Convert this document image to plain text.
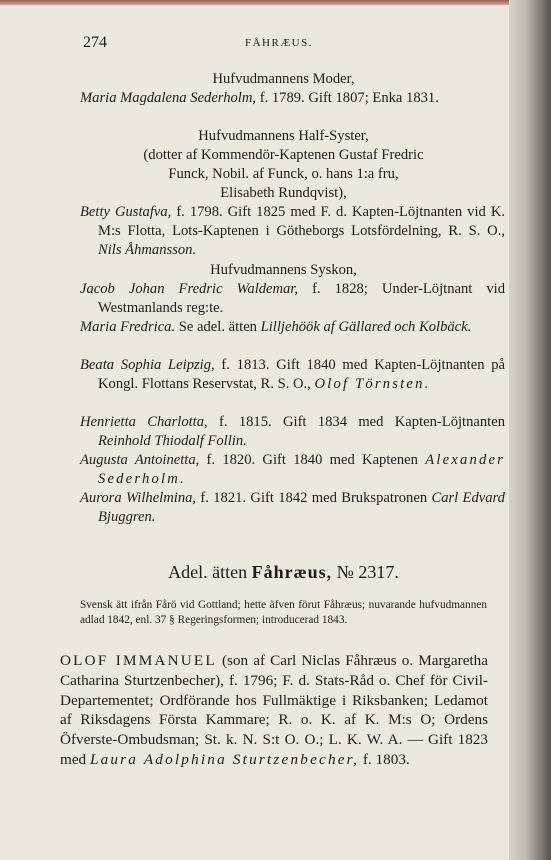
274	FÅHRÆUS.
Hufvudmannens Moder,
Maria Magdalena Sederholm, f. 1789. Gift 1807; Enka 1831.
Hufvudmannens Half-Syster,
(dotter af Kommendör-Kaptenen Gustaf Fredric
Funck, Nobil. af Funck, o. hans 1:a fru,
Elisabeth Rundqvist),
Betty Gustafva, f. 1798. Gift 1825 med F. d. Kapten-Löjtnanten vid K. M:s Flotta, Lots-Kaptenen i Götheborgs Lotsfördelning, R. S. O., Nils Åhmansson.
Hufvudmannens Syskon,
Jacob Johan Fredric Waldemar, f. 1828; Under-Löjtnant vid Westmanlands reg:te.
Maria Fredrica. Se adel. ätten Lilljehöök af Gällared och Kolbäck.
Beata Sophia Leipzig, f. 1813. Gift 1840 med Kapten-Löjtnanten på Kongl. Flottans Reservstat, R. S. O., Olof Törnsten.
Henrietta Charlotta, f. 1815. Gift 1834 med Kapten-Löjtnanten Reinhold Thiodalf Follin.
Augusta Antoinetta, f. 1820. Gift 1840 med Kaptenen Alexander Sederholm.
Aurora Wilhelmina, f. 1821. Gift 1842 med Brukspatronen Carl Edvard Bjuggren.
Adel. ätten Fåhræus, № 2317.
Svensk ätt ifrån Fårö vid Gottland; hette äfven förut Fåhræus; nuvarande hufvudmannen adlad 1842, enl. 37 § Regeringsformen; introducerad 1843.
OLOF IMMANUEL (son af Carl Niclas Fåhræus o. Margaretha Catharina Sturtzenbecher), f. 1796; F. d. Stats-Råd o. Chef för Civil-Departementet; Ordförande hos Fullmäktige i Riksbanken; Ledamot af Riksdagens Första Kammare; R. o. K. af K. M:s O; Ordens Öfverste-Ombudsman; St. k. N. S:t O. O.; L. K. W. A. — Gift 1823 med Laura Adolphina Sturtzenbecher, f. 1803.
